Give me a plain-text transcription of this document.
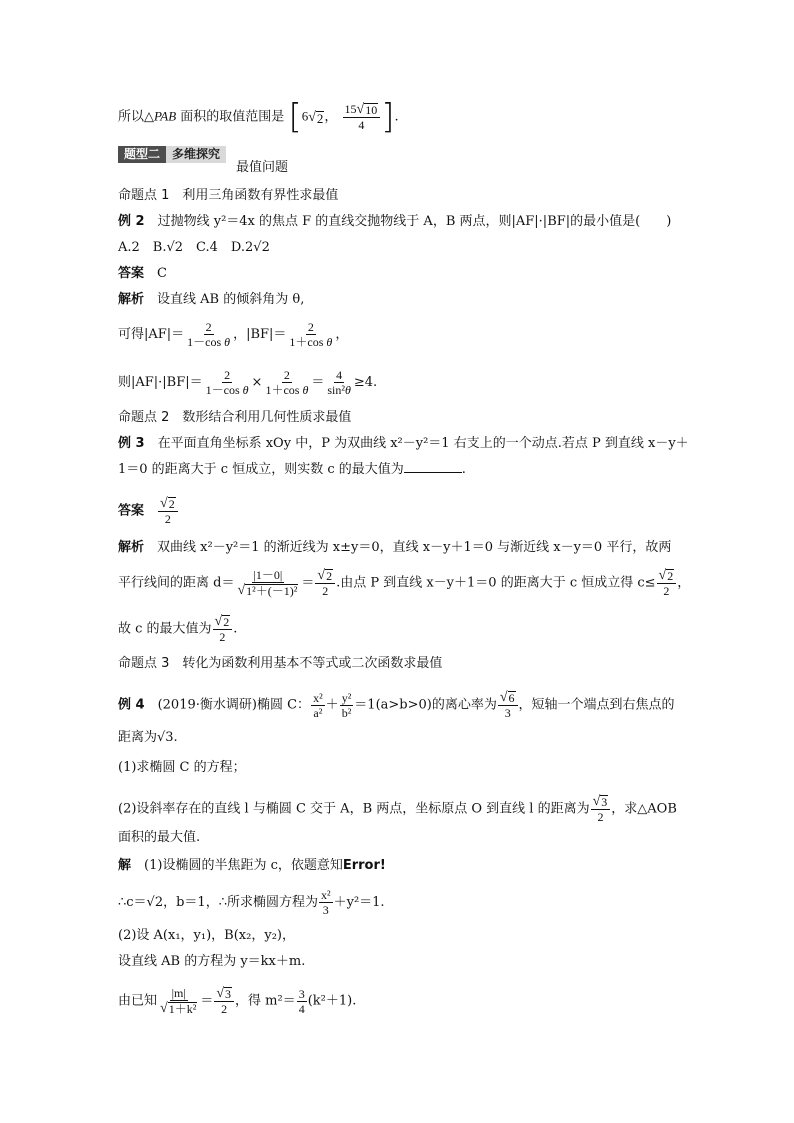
所以△PAB 面积的取值范围是 [6 √ 2 ， $\frac{15 √ 10}{4}$ ].
题型二	多维探究
最值问题
命题点 1　利用三角函数有界性求最值
例 2　 过抛物线 y²＝4x 的焦点 F 的直线交抛物线于 A，B 两点，则|AF|·|BF|的最小值是(　　)
A.2　B.√2　C.4　D.2√2
答案　 C
解析　 设直线 AB 的倾斜角为 θ,
可得$|AF|= \frac{2}{\text{1－cos θ}}$ ，$|BF|= \frac{2}{\text{1＋cos θ}}$ ，
则$|AF|\cdot|BF|= \frac{2}{\text{1－cos θ}} \times \frac{2}{\text{1＋cos θ}} = \frac{4}{\text{sin²θ}} \ge 4$.
命题点 2　数形结合利用几何性质求最值
例 3　 在平面直角坐标系 xOy 中，P 为双曲线 x²－y²＝1 右支上的一个动点.若点 P 到直线 x－y＋
1＝0 的距离大于 c 恒成立，则实数 c 的最大值为	.
答案　 $\frac{√ 2}{2}$
解析　 双曲线 x²－y²＝1 的渐近线为 x±y＝0，直线 x－y＋1＝0 与渐近线 x－y＝0 平行，故两
平行线间的距离 $d= \frac{|1-0|}{\text{√ 1²＋(－1)²}} = \frac{√ 2}{2}$ .由点 P 到直线 x－y＋1＝0 的距离大于 c 恒成立得 $c\le \frac{√ 2}{2}$ ，
故 c 的最大值为 $\frac{√ 2}{2}$ .
命题点 3　转化为函数利用基本不等式或二次函数求最值
例 4　 (2019·衡水调研)椭圆 C： $\frac{\text{x²}}{\text{a²}} + \frac{\text{y²}}{\text{b²}} =1(a>b>0)$的离心率为 $\frac{√ 6}{3}$ ，短轴一个端点到右焦点的
距离为√3.
(1)求椭圆 C 的方程；
(2)设斜率存在的直线 l 与椭圆 C 交于 A，B 两点，坐标原点 O 到直线 l 的距离为 $\frac{√ 3}{2}$ ，求△AOB
面积的最大值.
解　 (1)设椭圆的半焦距为 c，依题意知Error!
∴c＝√2，b＝1，∴所求椭圆方程为 $\frac{\text{x²}}{3} +y^2=1$.
(2)设 A(x₁，y₁)，B(x₂，y₂)，
设直线 AB 的方程为 y＝kx＋m.
由已知 $\frac{|m|}{\text{√ 1＋k²}} = \frac{√ 3}{2}$ ，得 $m^2= \frac{3}{4} (k^2+1)$.
